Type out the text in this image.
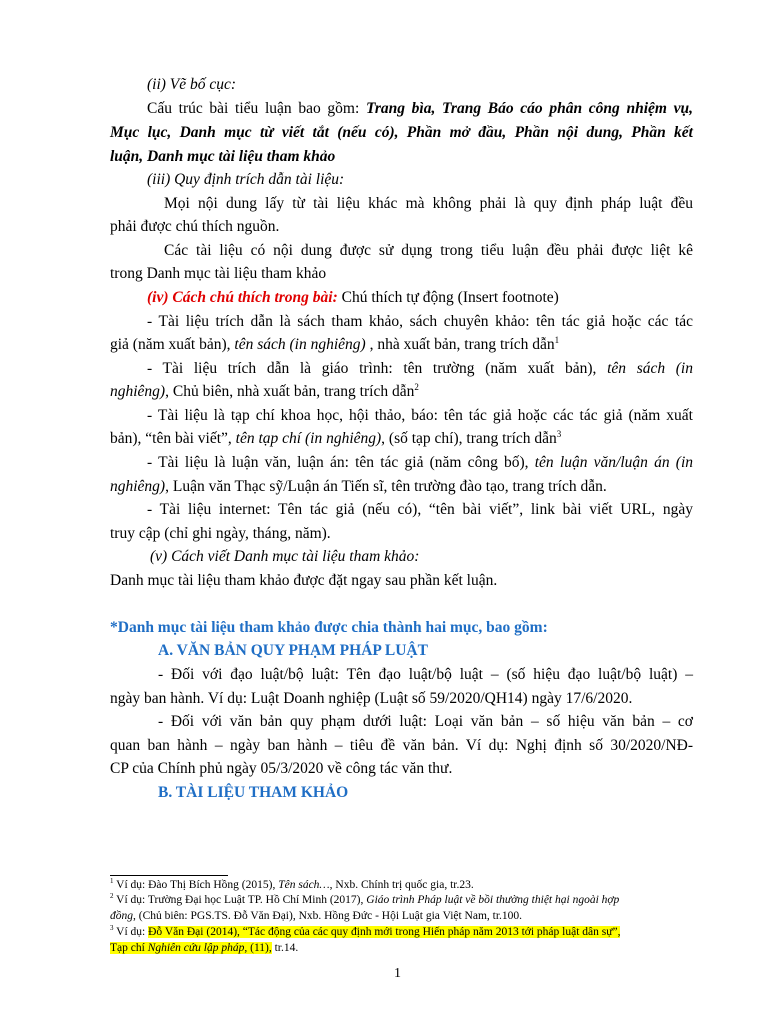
(ii) Vẽ bố cục:
Cấu trúc bài tiểu luận bao gồm: Trang bìa, Trang Báo cáo phân công nhiệm vụ,
Mục lục, Danh mục từ viết tắt (nếu có), Phần mở đầu, Phần nội dung, Phần kết
luận, Danh mục tài liệu tham khảo
(iii) Quy định trích dẫn tài liệu:
Mọi nội dung lấy từ tài liệu khác mà không phải là quy định pháp luật đều
phải được chú thích nguồn.
Các tài liệu có nội dung được sử dụng trong tiểu luận đều phải được liệt kê
trong Danh mục tài liệu tham khảo
(iv) Cách chú thích trong bài: Chú thích tự động (Insert footnote)
- Tài liệu trích dẫn là sách tham khảo, sách chuyên khảo: tên tác giả hoặc các tác
giả (năm xuất bản), tên sách (in nghiêng) , nhà xuất bản, trang trích dẫn$^1$
- Tài liệu trích dẫn là giáo trình: tên trường (năm xuất bản), tên sách (in
nghiêng), Chủ biên, nhà xuất bản, trang trích dẫn$^2$
- Tài liệu là tạp chí khoa học, hội thảo, báo: tên tác giả hoặc các tác giả (năm xuất
bản), “tên bài viết”, tên tạp chí (in nghiêng), (số tạp chí), trang trích dẫn$^3$
- Tài liệu là luận văn, luận án: tên tác giả (năm công bố), tên luận văn/luận án (in
nghiêng), Luận văn Thạc sỹ/Luận án Tiến sĩ, tên trường đào tạo, trang trích dẫn.
- Tài liệu internet: Tên tác giả (nếu có), “tên bài viết”, link bài viết URL, ngày
truy cập (chỉ ghi ngày, tháng, năm).
(v) Cách viết Danh mục tài liệu tham khảo:
Danh mục tài liệu tham khảo được đặt ngay sau phần kết luận.
*Danh mục tài liệu tham khảo được chia thành hai mục, bao gồm:
A. VĂN BẢN QUY PHẠM PHÁP LUẬT
- Đối với đạo luật/bộ luật: Tên đạo luật/bộ luật – (số hiệu đạo luật/bộ luật) –
ngày ban hành. Ví dụ: Luật Doanh nghiệp (Luật số 59/2020/QH14) ngày 17/6/2020.
- Đối với văn bản quy phạm dưới luật: Loại văn bản – số hiệu văn bản – cơ
quan ban hành – ngày ban hành – tiêu đề văn bản. Ví dụ: Nghị định số 30/2020/NĐ-
CP của Chính phủ ngày 05/3/2020 về công tác văn thư.
B. TÀI LIỆU THAM KHẢO
$^1$ Ví dụ: Đào Thị Bích Hồng (2015), Tên sách…, Nxb. Chính trị quốc gia, tr.23.
$^2$ Ví dụ: Trường Đại học Luật TP. Hồ Chí Minh (2017), Giáo trình Pháp luật về bồi thường thiệt hại ngoài hợp
đồng, (Chủ biên: PGS.TS. Đỗ Văn Đại), Nxb. Hồng Đức - Hội Luật gia Việt Nam, tr.100.
$^3$ Ví dụ: Đỗ Văn Đại (2014), “Tác động của các quy định mới trong Hiến pháp năm 2013 tới pháp luật dân sự”,
Tạp chí Nghiên cứu lập pháp, (11), tr.14.
1
